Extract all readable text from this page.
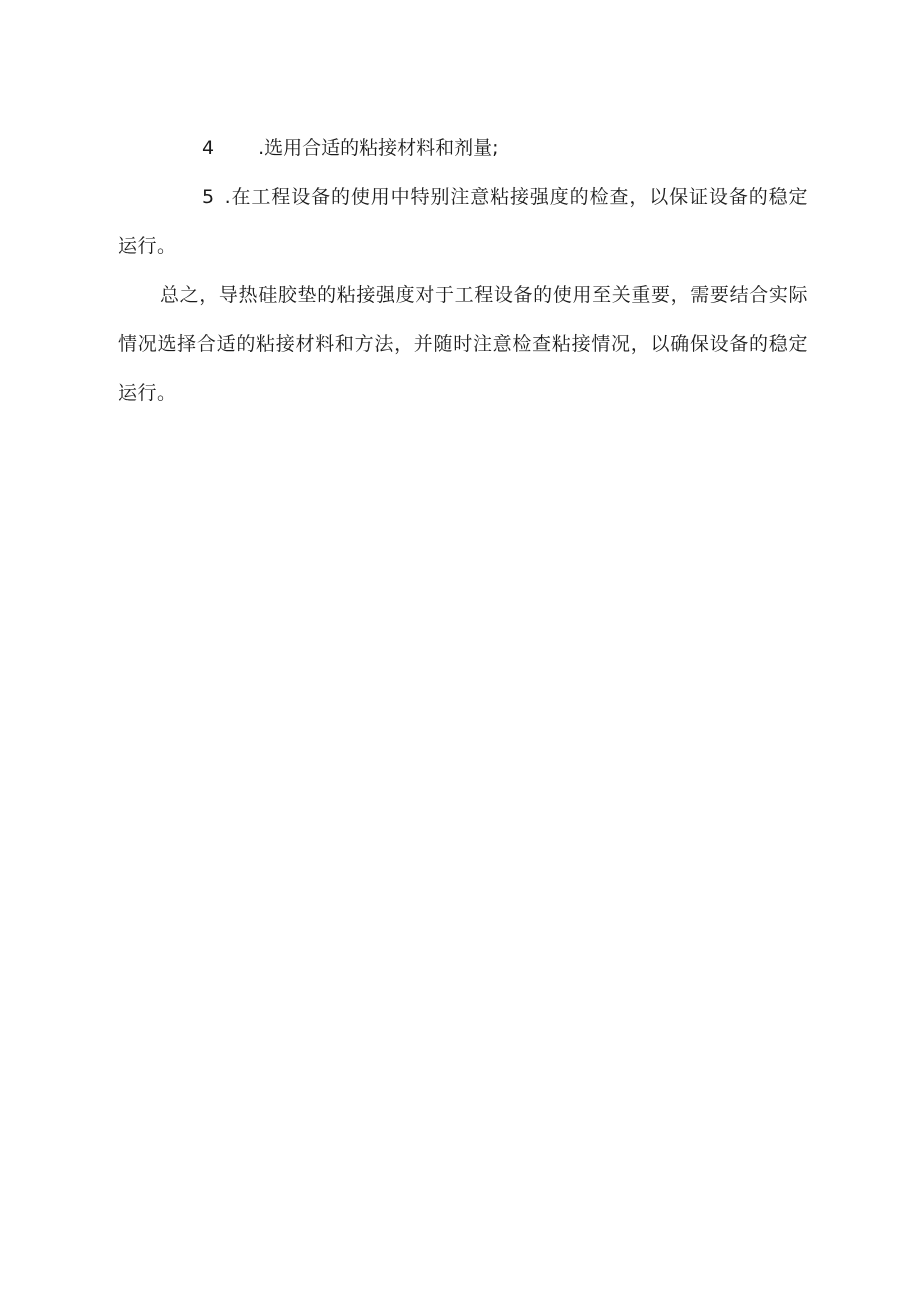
4 .选用合适的粘接材料和剂量;

5 .在工程设备的使用中特别注意粘接强度的检查，以保证设备的稳定运行。

总之，导热硅胶垫的粘接强度对于工程设备的使用至关重要，需要结合实际情况选择合适的粘接材料和方法，并随时注意检查粘接情况，以确保设备的稳定运行。
